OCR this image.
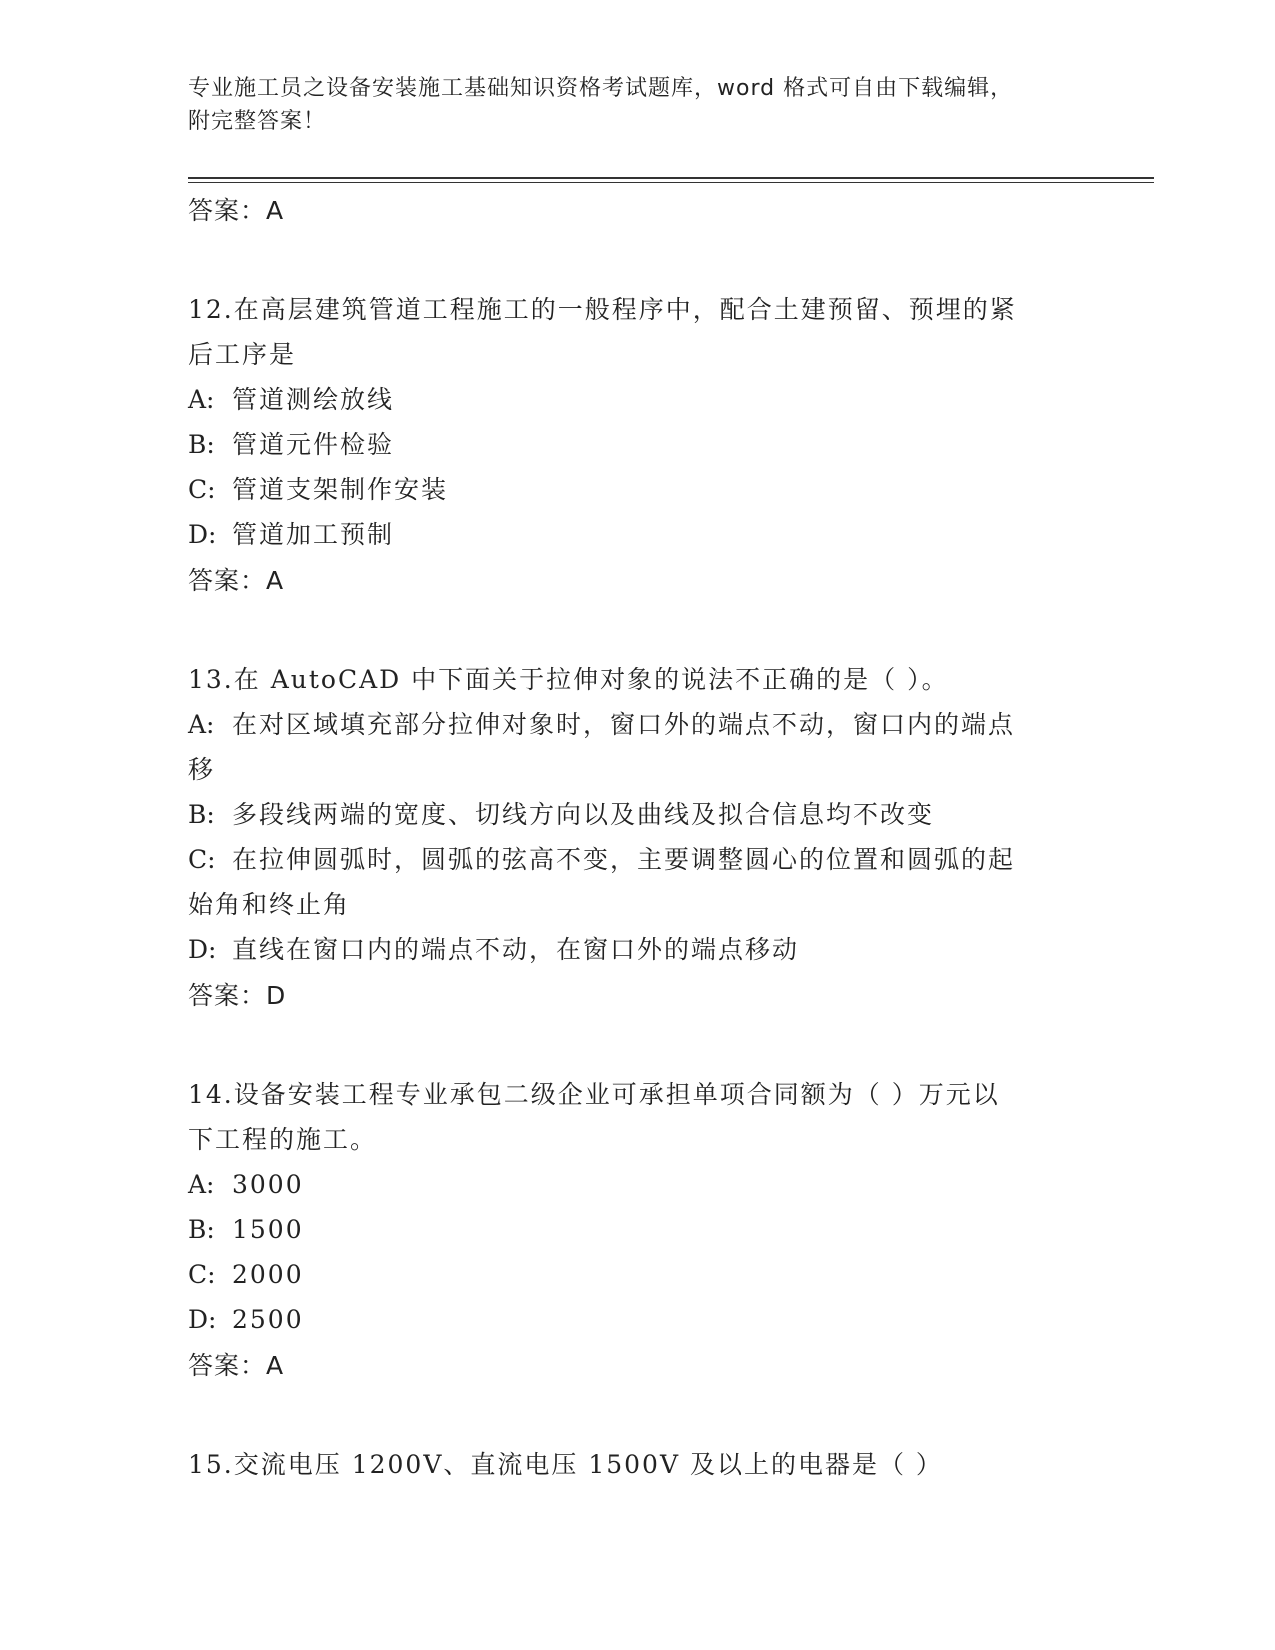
专业施工员之设备安装施工基础知识资格考试题库，word 格式可自由下载编辑，
附完整答案！
答案：A
12.在高层建筑管道工程施工的一般程序中，配合土建预留、预埋的紧
后工序是
A: 管道测绘放线
B: 管道元件检验
C: 管道支架制作安装
D: 管道加工预制
答案：A
13.在 AutoCAD 中下面关于拉伸对象的说法不正确的是（ ）。
A: 在对区域填充部分拉伸对象时，窗口外的端点不动，窗口内的端点
移
B: 多段线两端的宽度、切线方向以及曲线及拟合信息均不改变
C: 在拉伸圆弧时，圆弧的弦高不变，主要调整圆心的位置和圆弧的起
始角和终止角
D: 直线在窗口内的端点不动，在窗口外的端点移动
答案：D
14.设备安装工程专业承包二级企业可承担单项合同额为（ ）万元以
下工程的施工。
A: 3000
B: 1500
C: 2000
D: 2500
答案：A
15.交流电压 1200V、直流电压 1500V 及以上的电器是（ ）
